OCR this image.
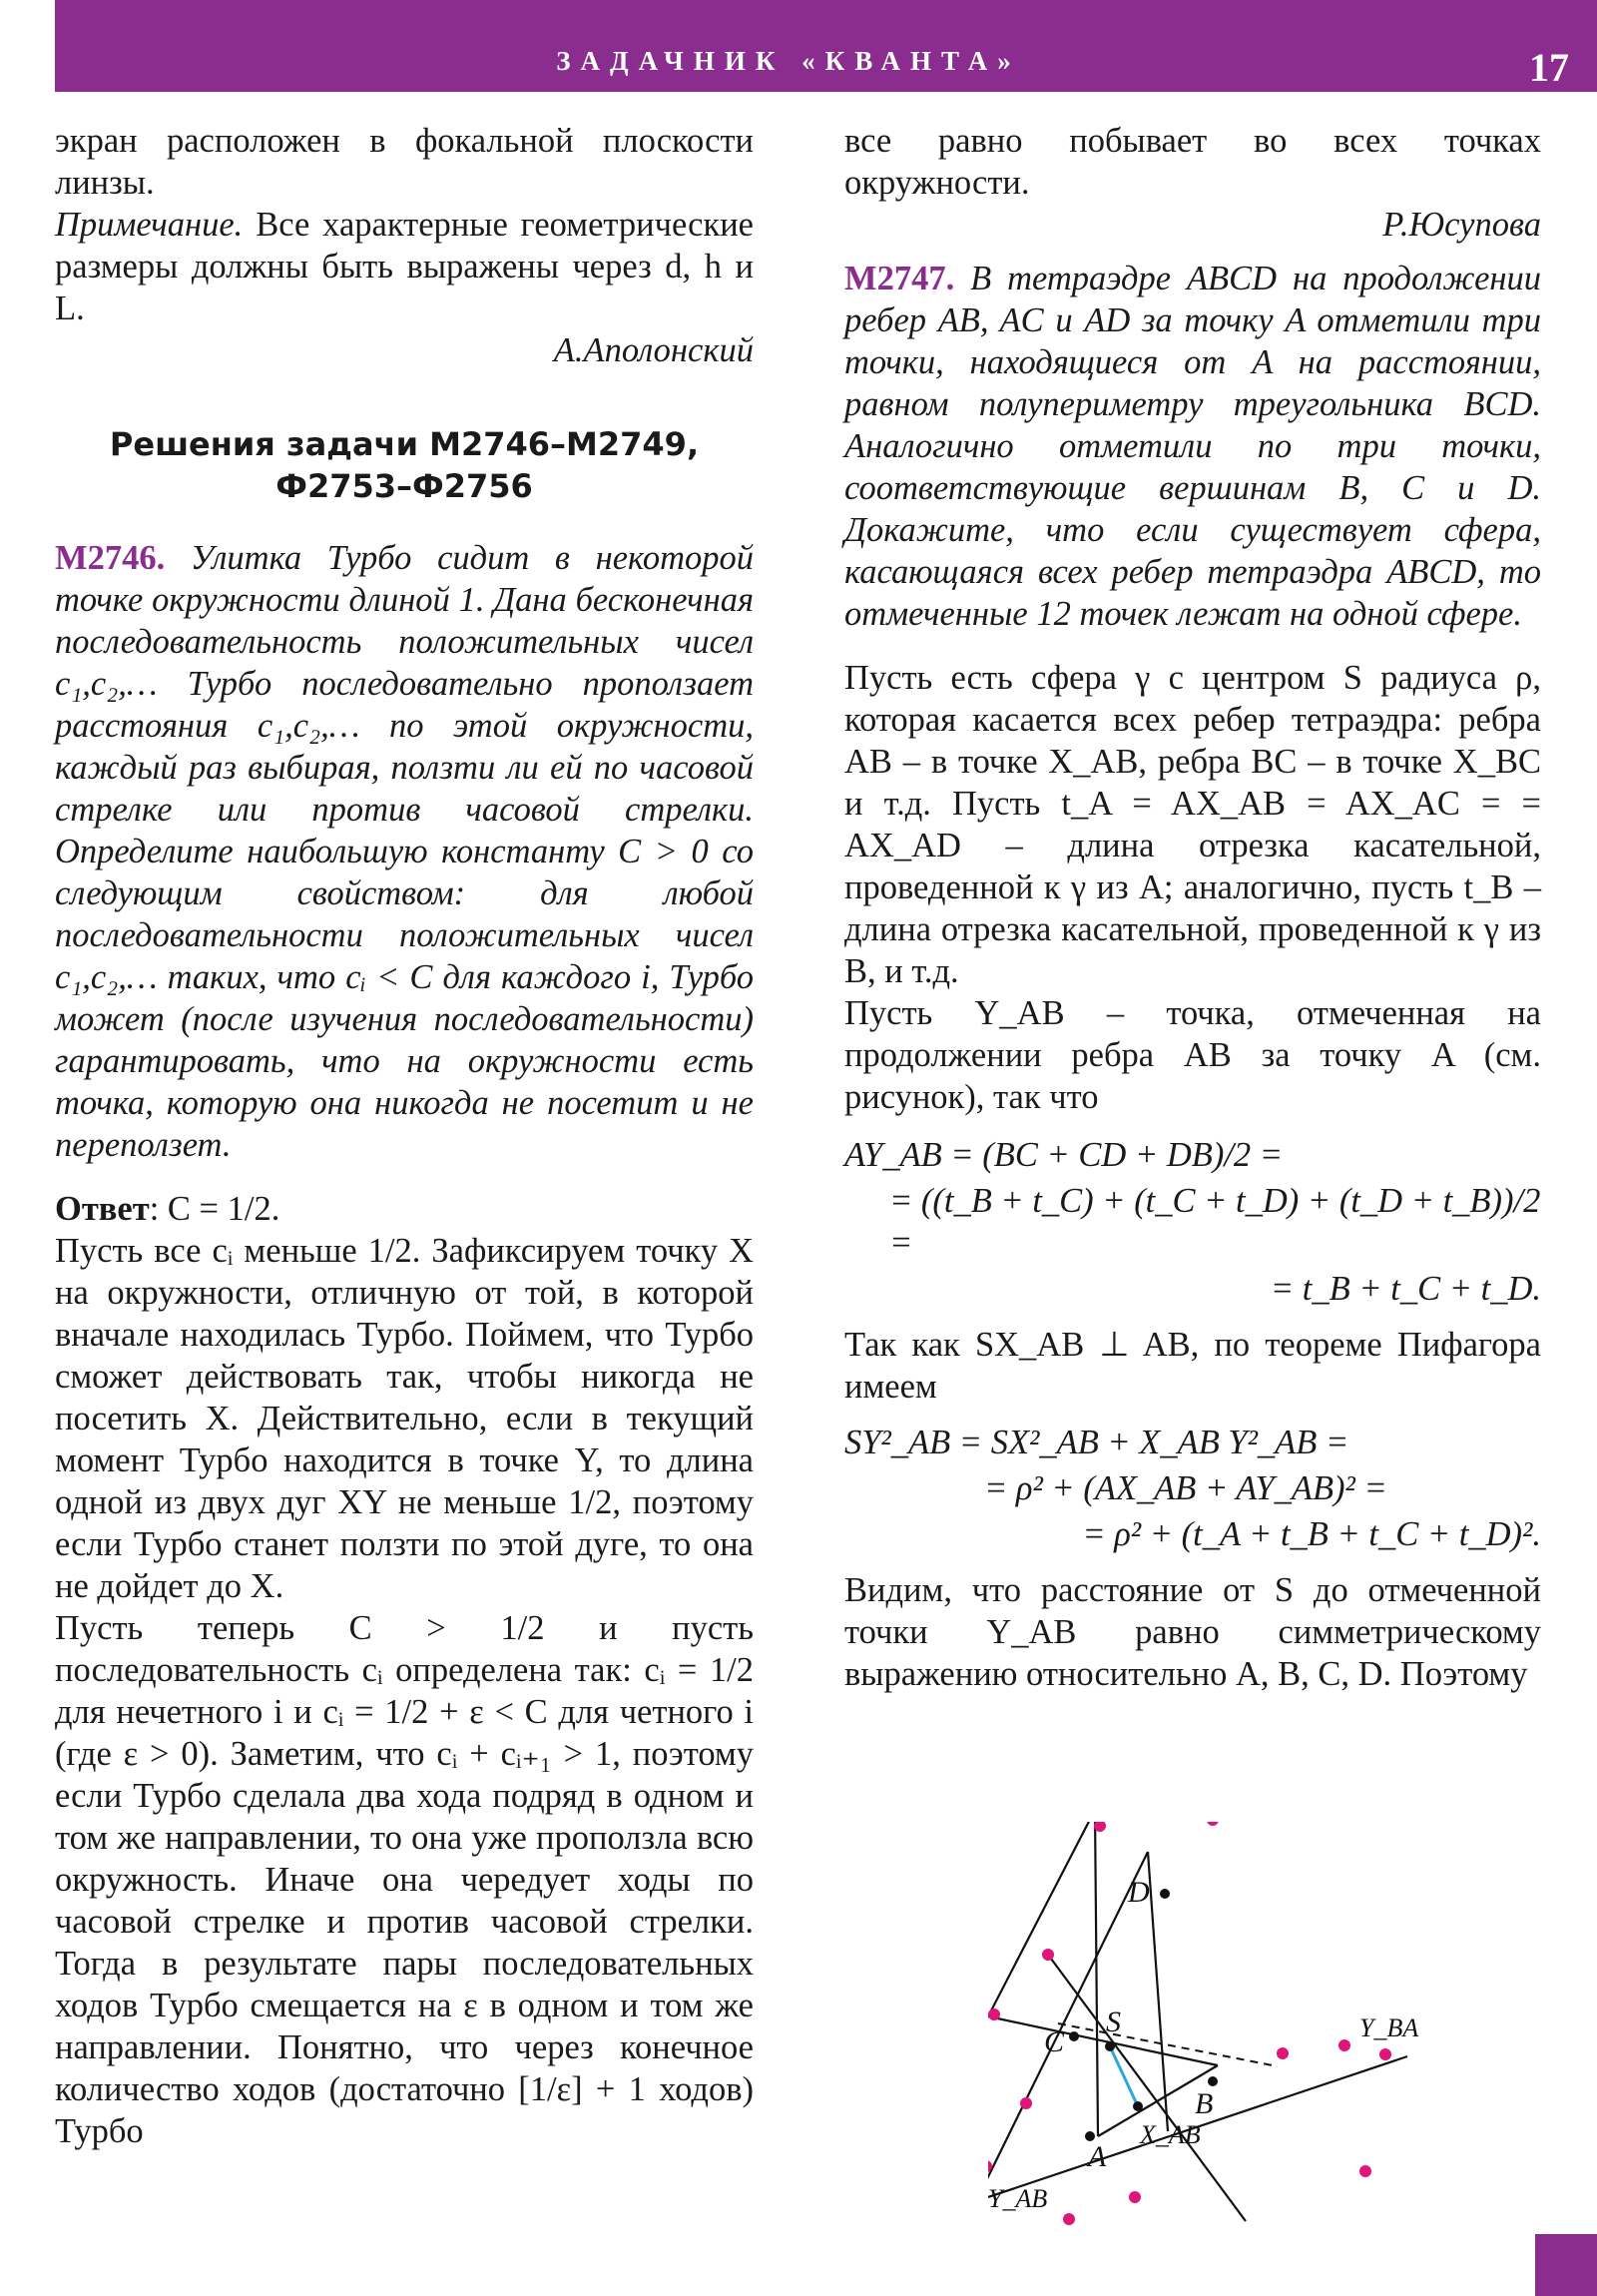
ЗАДАЧНИК «КВАНТА»	17

экран расположен в фокальной плоскости линзы.

Примечание. Все характерные геометрические размеры должны быть выражены через d, h и L.

А.Аполонский

Решения задачи М2746–М2749,
Ф2753–Ф2756

M2746. Улитка Турбо сидит в некоторой точке окружности длиной 1. Дана бесконечная последовательность положительных чисел c₁,c₂,… Турбо последовательно проползает расстояния c₁,c₂,… по этой окружности, каждый раз выбирая, ползти ли ей по часовой стрелке или против часовой стрелки. Определите наибольшую константу C > 0 со следующим свойством: для любой последовательности положительных чисел c₁,c₂,… таких, что cᵢ < C для каждого i, Турбо может (после изучения последовательности) гарантировать, что на окружности есть точка, которую она никогда не посетит и не переползет.

Ответ: C = 1/2.

Пусть все cᵢ меньше 1/2. Зафиксируем точку X на окружности, отличную от той, в которой вначале находилась Турбо. Поймем, что Турбо сможет действовать так, чтобы никогда не посетить X. Действительно, если в текущий момент Турбо находится в точке Y, то длина одной из двух дуг XY не меньше 1/2, поэтому если Турбо станет ползти по этой дуге, то она не дойдет до X.

Пусть теперь C > 1/2 и пусть последовательность cᵢ определена так: cᵢ = 1/2 для нечетного i и cᵢ = 1/2 + ε < C для четного i (где ε > 0). Заметим, что cᵢ + cᵢ₊₁ > 1, поэтому если Турбо сделала два хода подряд в одном и том же направлении, то она уже проползла всю окружность. Иначе она чередует ходы по часовой стрелке и против часовой стрелки. Тогда в результате пары последовательных ходов Турбо смещается на ε в одном и том же направлении. Понятно, что через конечное количество ходов (достаточно [1/ε] + 1 ходов) Турбо

все равно побывает во всех точках окружности.

Р.Юсупова

M2747. В тетраэдре ABCD на продолжении ребер AB, AC и AD за точку A отметили три точки, находящиеся от A на расстоянии, равном полупериметру треугольника BCD. Аналогично отметили по три точки, соответствующие вершинам B, C и D. Докажите, что если существует сфера, касающаяся всех ребер тетраэдра ABCD, то отмеченные 12 точек лежат на одной сфере.

Пусть есть сфера γ с центром S радиуса ρ, которая касается всех ребер тетраэдра: ребра AB – в точке X_AB, ребра BC – в точке X_BC и т.д. Пусть t_A = AX_AB = AX_AC = = AX_AD – длина отрезка касательной, проведенной к γ из A; аналогично, пусть t_B – длина отрезка касательной, проведенной к γ из B, и т.д.

Пусть Y_AB – точка, отмеченная на продолжении ребра AB за точку A (см. рисунок), так что

AY_AB = (BC + CD + DB)/2 =
= ((t_B + t_C) + (t_C + t_D) + (t_D + t_B))/2 =
= t_B + t_C + t_D.

Так как SX_AB ⊥ AB, по теореме Пифагора имеем

SY²_AB = SX²_AB + X_AB Y²_AB =
= ρ² + (AX_AB + AY_AB)² =
= ρ² + (t_A + t_B + t_C + t_D)².

Видим, что расстояние от S до отмеченной точки Y_AB равно симметрическому выражению относительно A, B, C, D. Поэтому

D
C
S
B
A
X_AB
Y_AB
Y_BA
